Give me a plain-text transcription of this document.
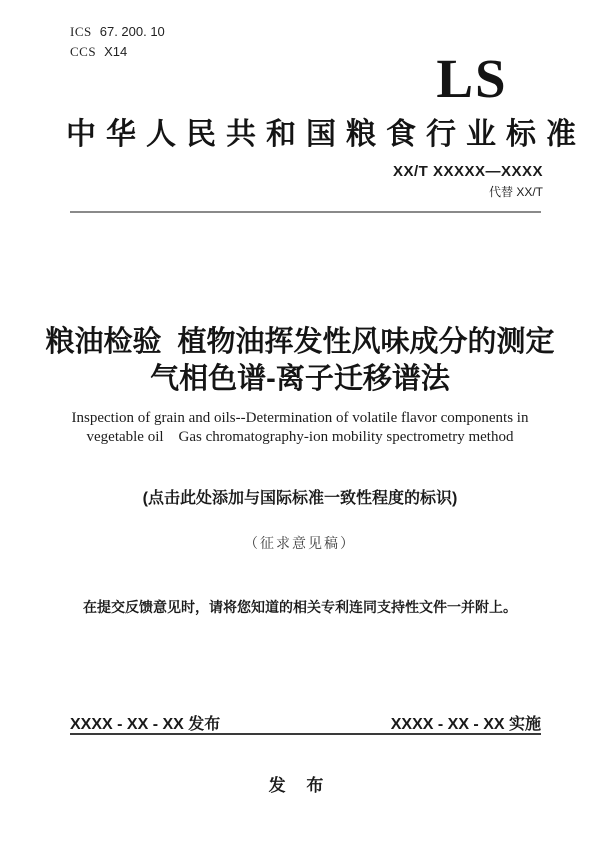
ICS 67. 200. 10
CCS X14	LS
中华人民共和国粮食行业标准
XX/T XXXXX—XXXX
代替 XX/T
粮油检验  植物油挥发性风味成分的测定
气相色谱-离子迁移谱法
Inspection of grain and oils--Determination of volatile flavor components in
vegetable oil    Gas chromatography-ion mobility spectrometry method
(点击此处添加与国际标准一致性程度的标识)
（征求意见稿）
在提交反馈意见时，请将您知道的相关专利连同支持性文件一并附上。
XXXX - XX - XX 发布	XXXX - XX - XX 实施
发 布
